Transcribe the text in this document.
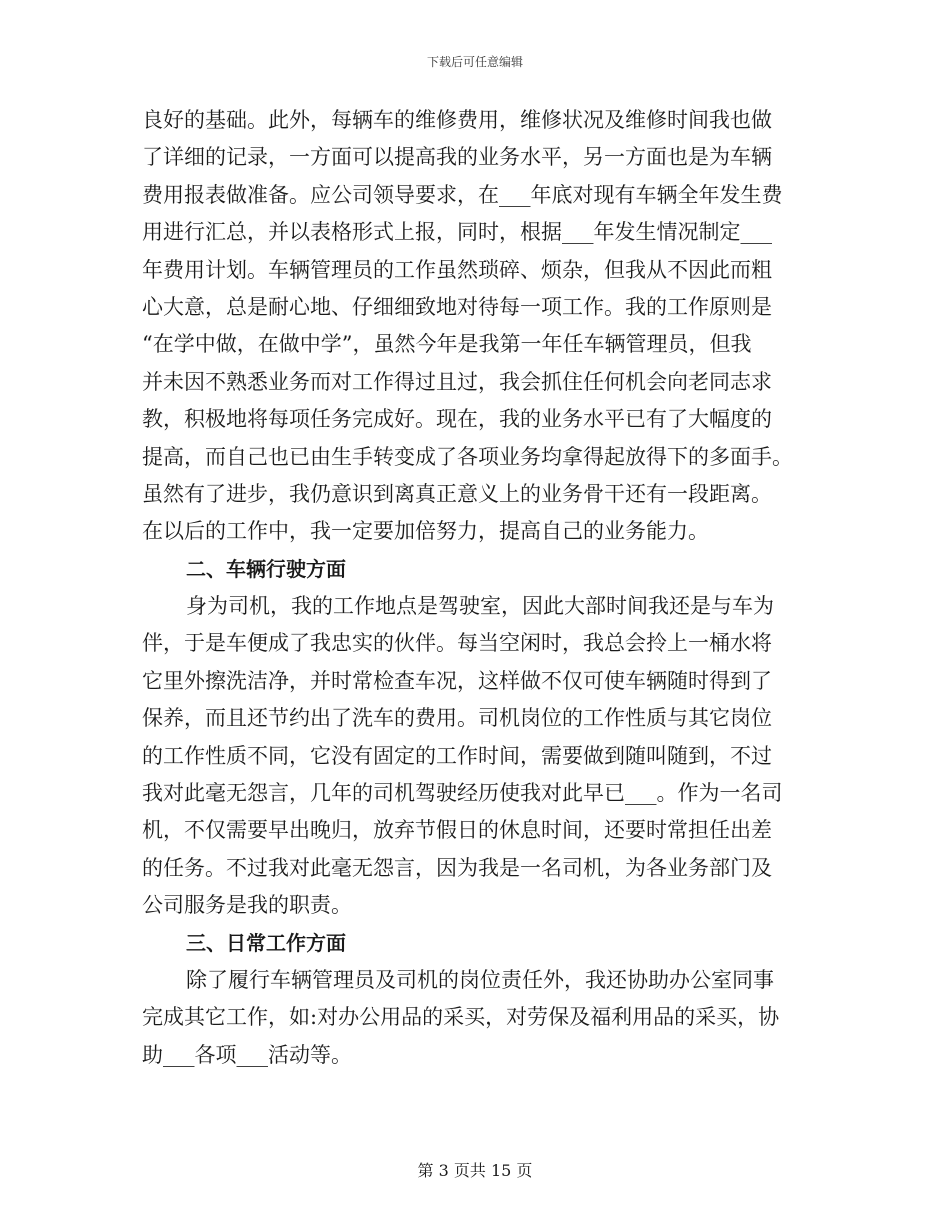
下载后可任意编辑
良好的基础。此外，每辆车的维修费用，维修状况及维修时间我也做
了详细的记录，一方面可以提高我的业务水平，另一方面也是为车辆
费用报表做准备。应公司领导要求，在___年底对现有车辆全年发生费
用进行汇总，并以表格形式上报，同时，根据___年发生情况制定___
年费用计划。车辆管理员的工作虽然琐碎、烦杂，但我从不因此而粗
心大意，总是耐心地、仔细细致地对待每一项工作。我的工作原则是
“在学中做，在做中学”，虽然今年是我第一年任车辆管理员，但我
并未因不熟悉业务而对工作得过且过，我会抓住任何机会向老同志求
教，积极地将每项任务完成好。现在，我的业务水平已有了大幅度的
提高，而自己也已由生手转变成了各项业务均拿得起放得下的多面手。
虽然有了进步，我仍意识到离真正意义上的业务骨干还有一段距离。
在以后的工作中，我一定要加倍努力，提高自己的业务能力。
二、车辆行驶方面
身为司机，我的工作地点是驾驶室，因此大部时间我还是与车为
伴，于是车便成了我忠实的伙伴。每当空闲时，我总会拎上一桶水将
它里外擦洗洁净，并时常检查车况，这样做不仅可使车辆随时得到了
保养，而且还节约出了洗车的费用。司机岗位的工作性质与其它岗位
的工作性质不同，它没有固定的工作时间，需要做到随叫随到，不过
我对此毫无怨言，几年的司机驾驶经历使我对此早已___。作为一名司
机，不仅需要早出晚归，放弃节假日的休息时间，还要时常担任出差
的任务。不过我对此毫无怨言，因为我是一名司机，为各业务部门及
公司服务是我的职责。
三、日常工作方面
除了履行车辆管理员及司机的岗位责任外，我还协助办公室同事
完成其它工作，如:对办公用品的采买，对劳保及福利用品的采买，协
助___各项___活动等。
第 3 页共 15 页
